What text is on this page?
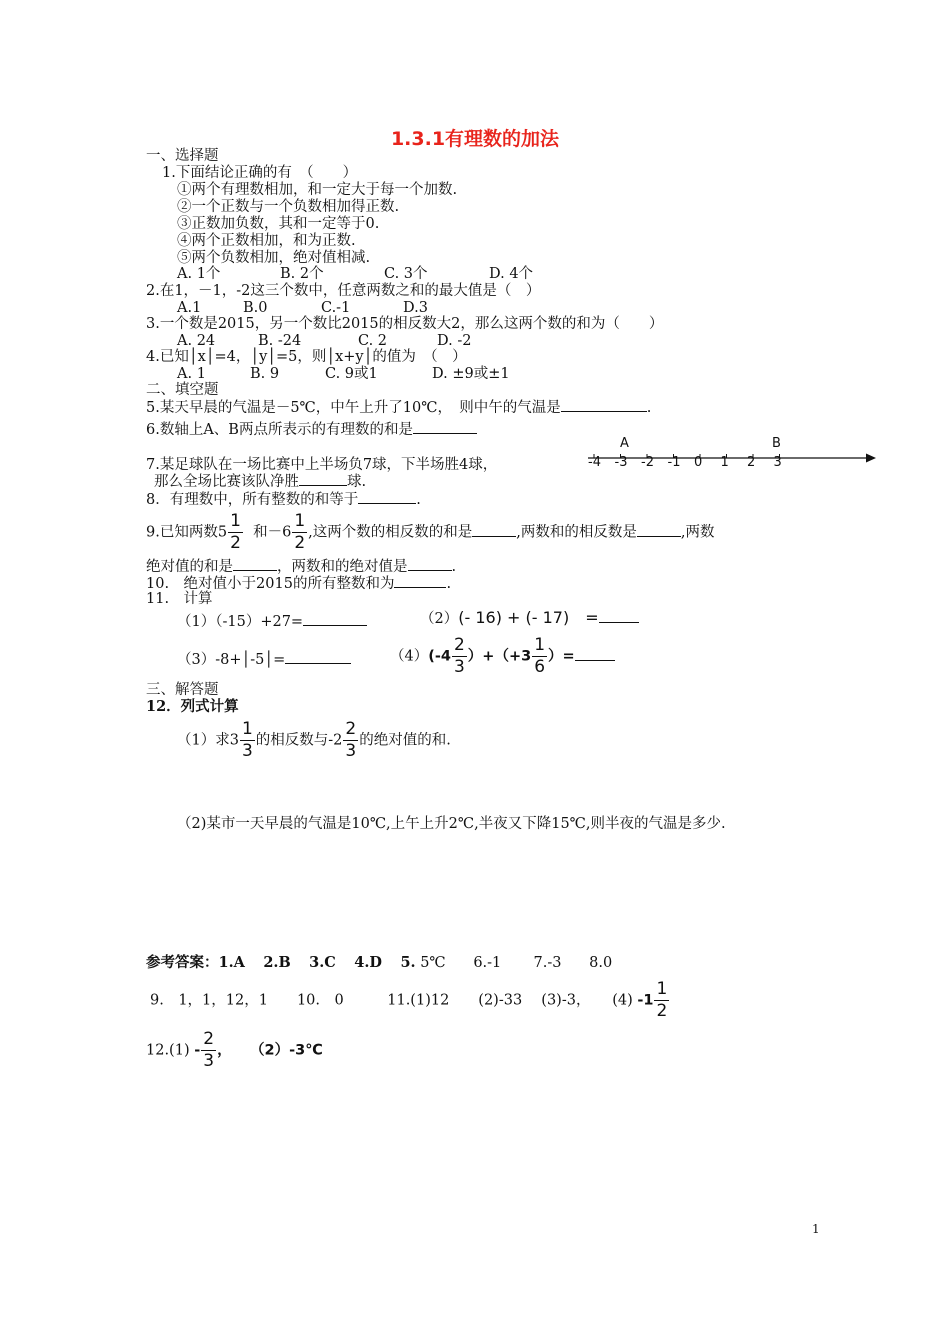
1.3.1有理数的加法
一、选择题
1.下面结论正确的有　（　　）
①两个有理数相加，和一定大于每一个加数.
②一个正数与一个负数相加得正数.
③正数加负数，其和一定等于0.
④两个正数相加，和为正数.
⑤两个负数相加，绝对值相减.
A. 1个	B. 2个	C. 3个	D. 4个
2.在1，－1，-2这三个数中，任意两数之和的最大值是（　）
A.1	B.0	C.-1	D.3
3.一个数是2015，另一个数比2015的相反数大2，那么这两个数的和为（　　）
A. 24	B. -24	C. 2	D. -2
4.已知│x│=4，│y│=5，则│x+y│的值为　（　）
A. 1	B. 9	C. 9或1	D. ±9或±1
二、填空题
5.某天早晨的气温是－5℃，中午上升了10℃，　则中午的气温是	.
6.数轴上A、B两点所表示的有理数的和是
-4 -3 -2 -1 0 1 2 3
A	B
7.某足球队在一场比赛中上半场负7球，下半场胜4球，
那么全场比赛该队净胜	球.
8．有理数中，所有整数的和等于	.
9.已知两数$5 \frac{1}{2}$ 和$-6 \frac{1}{2}$ ,这两个数的相反数的和是	,两数和的相反数是	,两数
绝对值的和是	，两数和的绝对值是	.
10.　绝对值小于2015的所有整数和为	.
11.　计算
（1）（-15）+27=	（2）(- 16) + (- 17)　=
（3）-8+│-5│=	$(4)(-4 \frac{2}{3} )+(+3 \frac{1}{6}$ ）=
三、解答题
12．列式计算
（1）求$3 \frac{1}{3}$ 的相反数与$-2 \frac{2}{3}$ 的绝对值的和.
（2)某市一天早晨的气温是10℃,上午上升2℃,半夜又下降15℃,则半夜的气温是多少.
参考答案：1.A 2.B 3.C 4.D 5. 5℃ 6.-1 7.-3 8.0
9.　1，1，12，1　　10.　0　　　11.(1)12　　(2)-33　 (3)-3，　　(4) $-1 \frac{1}{2}$
$12.(1) - \frac{2}{3}$ ， （2）-3℃
1
